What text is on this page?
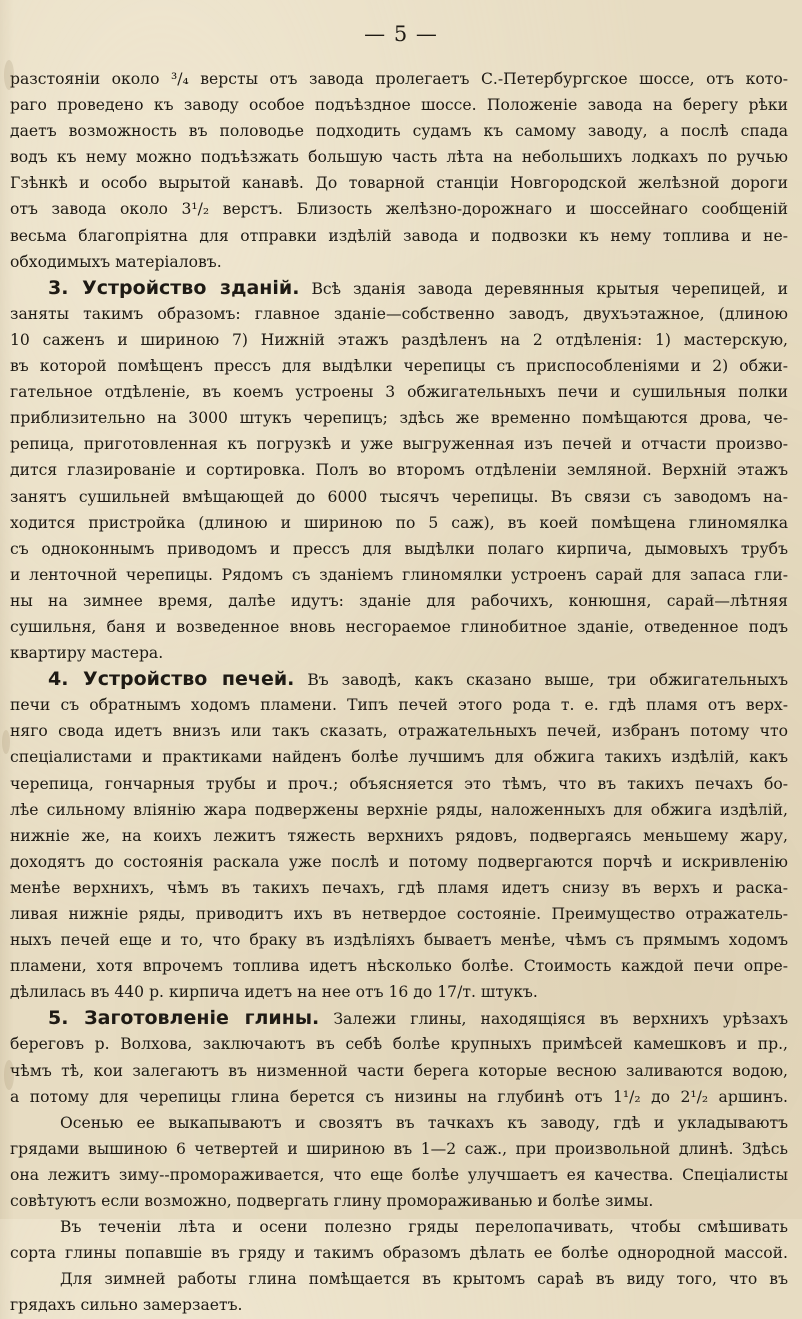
— 5 —
разстояніи около ³/₄ версты отъ завода пролегаетъ С.-Петербургское шоссе, отъ кото-
раго проведено къ заводу особое подъѣздное шоссе. Положеніе завода на берегу рѣки
даетъ возможность въ половодье подходить судамъ къ самому заводу, а послѣ спада
водъ къ нему можно подъѣзжать большую часть лѣта на небольшихъ лодкахъ по ручью
Гзѣнкѣ и особо вырытой канавѣ. До товарной станціи Новгородской желѣзной дороги
отъ завода около 3¹/₂ верстъ. Близость желѣзно-дорожнаго и шоссейнаго сообщеній
весьма благопріятна для отправки издѣлій завода и подвозки къ нему топлива и не-
обходимыхъ матеріаловъ.
3. Устройство зданій. Всѣ зданія завода деревянныя крытыя черепицей, и
заняты такимъ образомъ: главное зданіе—собственно заводъ, двухъэтажное, (длиною
10 саженъ и шириною 7) Нижній этажъ раздѣленъ на 2 отдѣленія: 1) мастерскую,
въ которой помѣщенъ прессъ для выдѣлки черепицы съ приспособленіями и 2) обжи-
гательное отдѣленіе, въ коемъ устроены 3 обжигательныхъ печи и сушильныя полки
приблизительно на 3000 штукъ черепицъ; здѣсь же временно помѣщаются дрова, че-
репица, приготовленная къ погрузкѣ и уже выгруженная изъ печей и отчасти произво-
дится глазированіе и сортировка. Полъ во второмъ отдѣленіи земляной. Верхній этажъ
занятъ сушильней вмѣщающей до 6000 тысячъ черепицы. Въ связи съ заводомъ на-
ходится пристройка (длиною и шириною по 5 саж), въ коей помѣщена глиномялка
съ одноконнымъ приводомъ и прессъ для выдѣлки полаго кирпича, дымовыхъ трубъ
и ленточной черепицы. Рядомъ съ зданіемъ глиномялки устроенъ сарай для запаса гли-
ны на зимнее время, далѣе идутъ: зданіе для рабочихъ, конюшня, сарай—лѣтняя
сушильня, баня и возведенное вновь несгораемое глинобитное зданіе, отведенное подъ
квартиру мастера.
4. Устройство печей. Въ заводѣ, какъ сказано выше, три обжигательныхъ
печи съ обратнымъ ходомъ пламени. Типъ печей этого рода т. е. гдѣ пламя отъ верх-
няго свода идетъ внизъ или такъ сказать, отражательныхъ печей, избранъ потому что
спеціалистами и практиками найденъ болѣе лучшимъ для обжига такихъ издѣлій, какъ
черепица, гончарныя трубы и проч.; объясняется это тѣмъ, что въ такихъ печахъ бо-
лѣе сильному вліянію жара подвержены верхніе ряды, наложенныхъ для обжига издѣлій,
нижніе же, на коихъ лежитъ тяжесть верхнихъ рядовъ, подвергаясь меньшему жару,
доходятъ до состоянія раскала уже послѣ и потому подвергаются порчѣ и искривленію
менѣе верхнихъ, чѣмъ въ такихъ печахъ, гдѣ пламя идетъ снизу въ верхъ и раска-
ливая нижніе ряды, приводитъ ихъ въ нетвердое состояніе. Преимущество отражатель-
ныхъ печей еще и то, что браку въ издѣліяхъ бываетъ менѣе, чѣмъ съ прямымъ ходомъ
пламени, хотя впрочемъ топлива идетъ нѣсколько болѣе. Стоимость каждой печи опре-
дѣлилась въ 440 р. кирпича идетъ на нее отъ 16 до 17/т. штукъ.
5. Заготовленіе глины. Залежи глины, находящіяся въ верхнихъ урѣзахъ
береговъ р. Волхова, заключаютъ въ себѣ болѣе крупныхъ примѣсей камешковъ и пр.,
чѣмъ тѣ, кои залегаютъ въ низменной части берега которые весною заливаются водою,
а потому для черепицы глина берется съ низины на глубинѣ отъ 1¹/₂ до 2¹/₂ аршинъ.
Осенью ее выкапываютъ и свозятъ въ тачкахъ къ заводу, гдѣ и укладываютъ
грядами вышиною 6 четвертей и шириною въ 1—2 саж., при произвольной длинѣ. Здѣсь
она лежитъ зиму--промораживается, что еще болѣе улучшаетъ ея качества. Спеціалисты
совѣтуютъ если возможно, подвергать глину промораживанью и болѣе зимы.
Въ теченіи лѣта и осени полезно гряды перелопачивать, чтобы смѣшивать
сорта глины попавшіе въ гряду и такимъ образомъ дѣлать ее болѣе однородной массой.
Для зимней работы глина помѣщается въ крытомъ сараѣ въ виду того, что въ
грядахъ сильно замерзаетъ.
